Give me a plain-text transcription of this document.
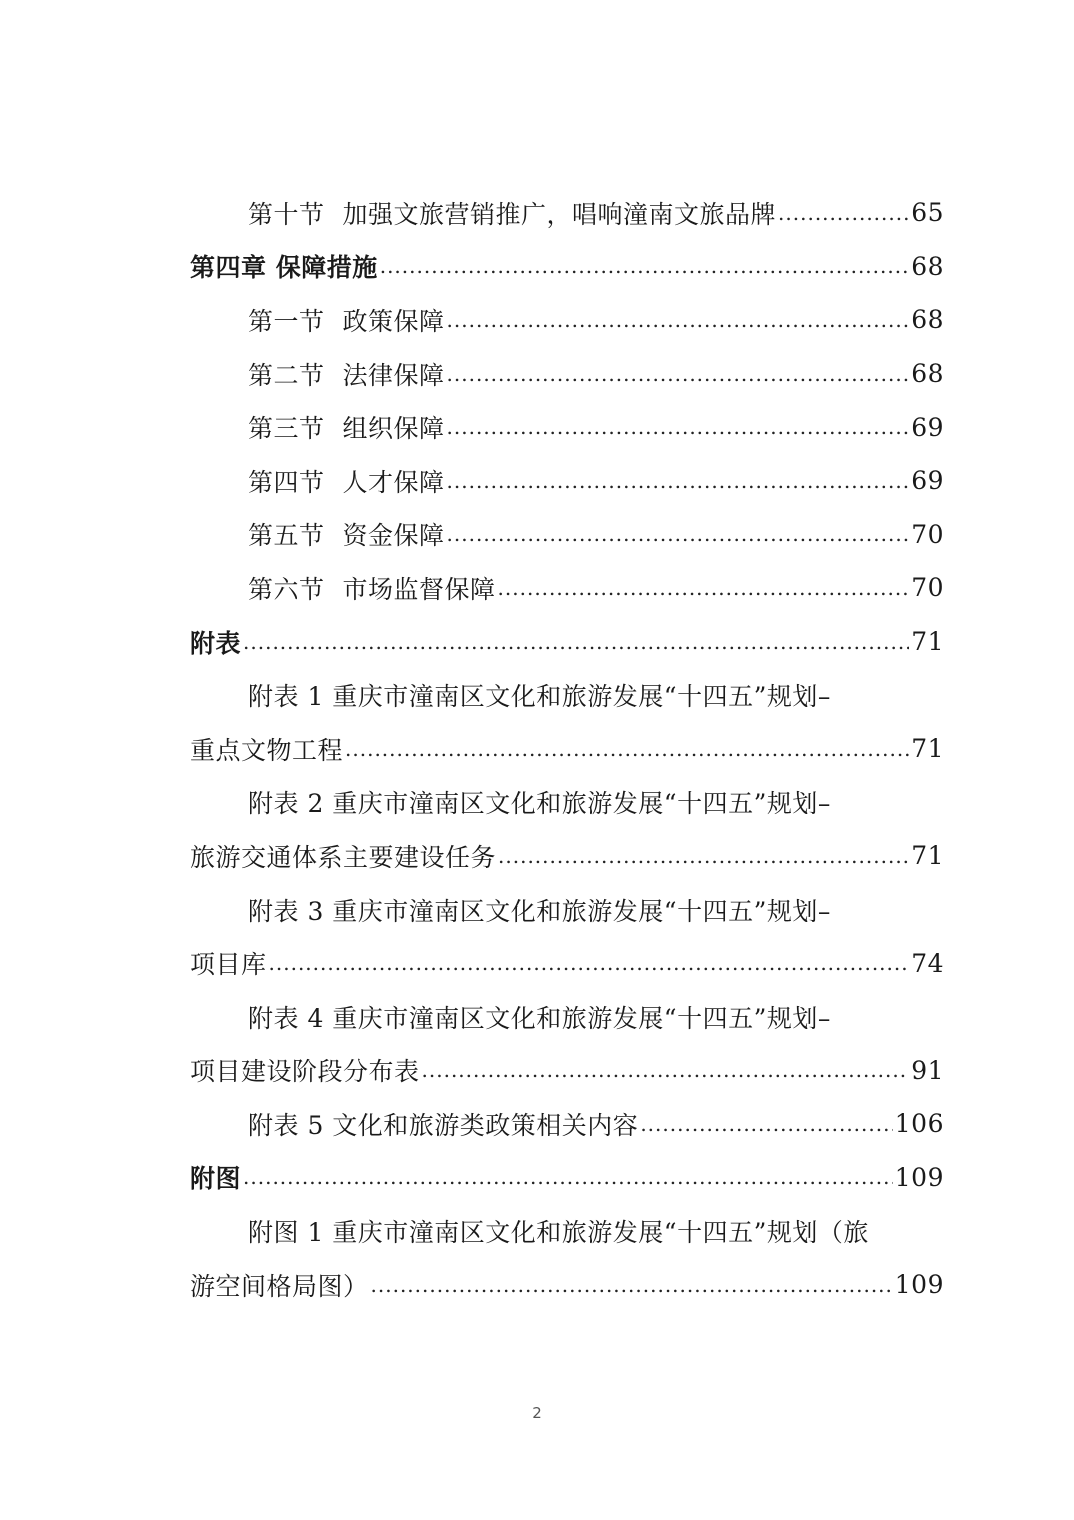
第十节 加强文旅营销推广，唱响潼南文旅品牌 .....	65
第四章 保障措施 .....	68
第一节 政策保障 .....	68
第二节 法律保障 .....	68
第三节 组织保障 .....	69
第四节 人才保障 .....	69
第五节 资金保障 .....	70
第六节 市场监督保障 .....	70
附表 .....	71
附表 1 重庆市潼南区文化和旅游发展“十四五”规划–
重点文物工程 .....	71
附表 2 重庆市潼南区文化和旅游发展“十四五”规划–
旅游交通体系主要建设任务 .....	71
附表 3 重庆市潼南区文化和旅游发展“十四五”规划–
项目库 .....	74
附表 4 重庆市潼南区文化和旅游发展“十四五”规划–
项目建设阶段分布表 .....	91
附表 5 文化和旅游类政策相关内容 .....	106
附图 .....	109
附图 1 重庆市潼南区文化和旅游发展“十四五”规划（旅
游空间格局图） .....	109
2
